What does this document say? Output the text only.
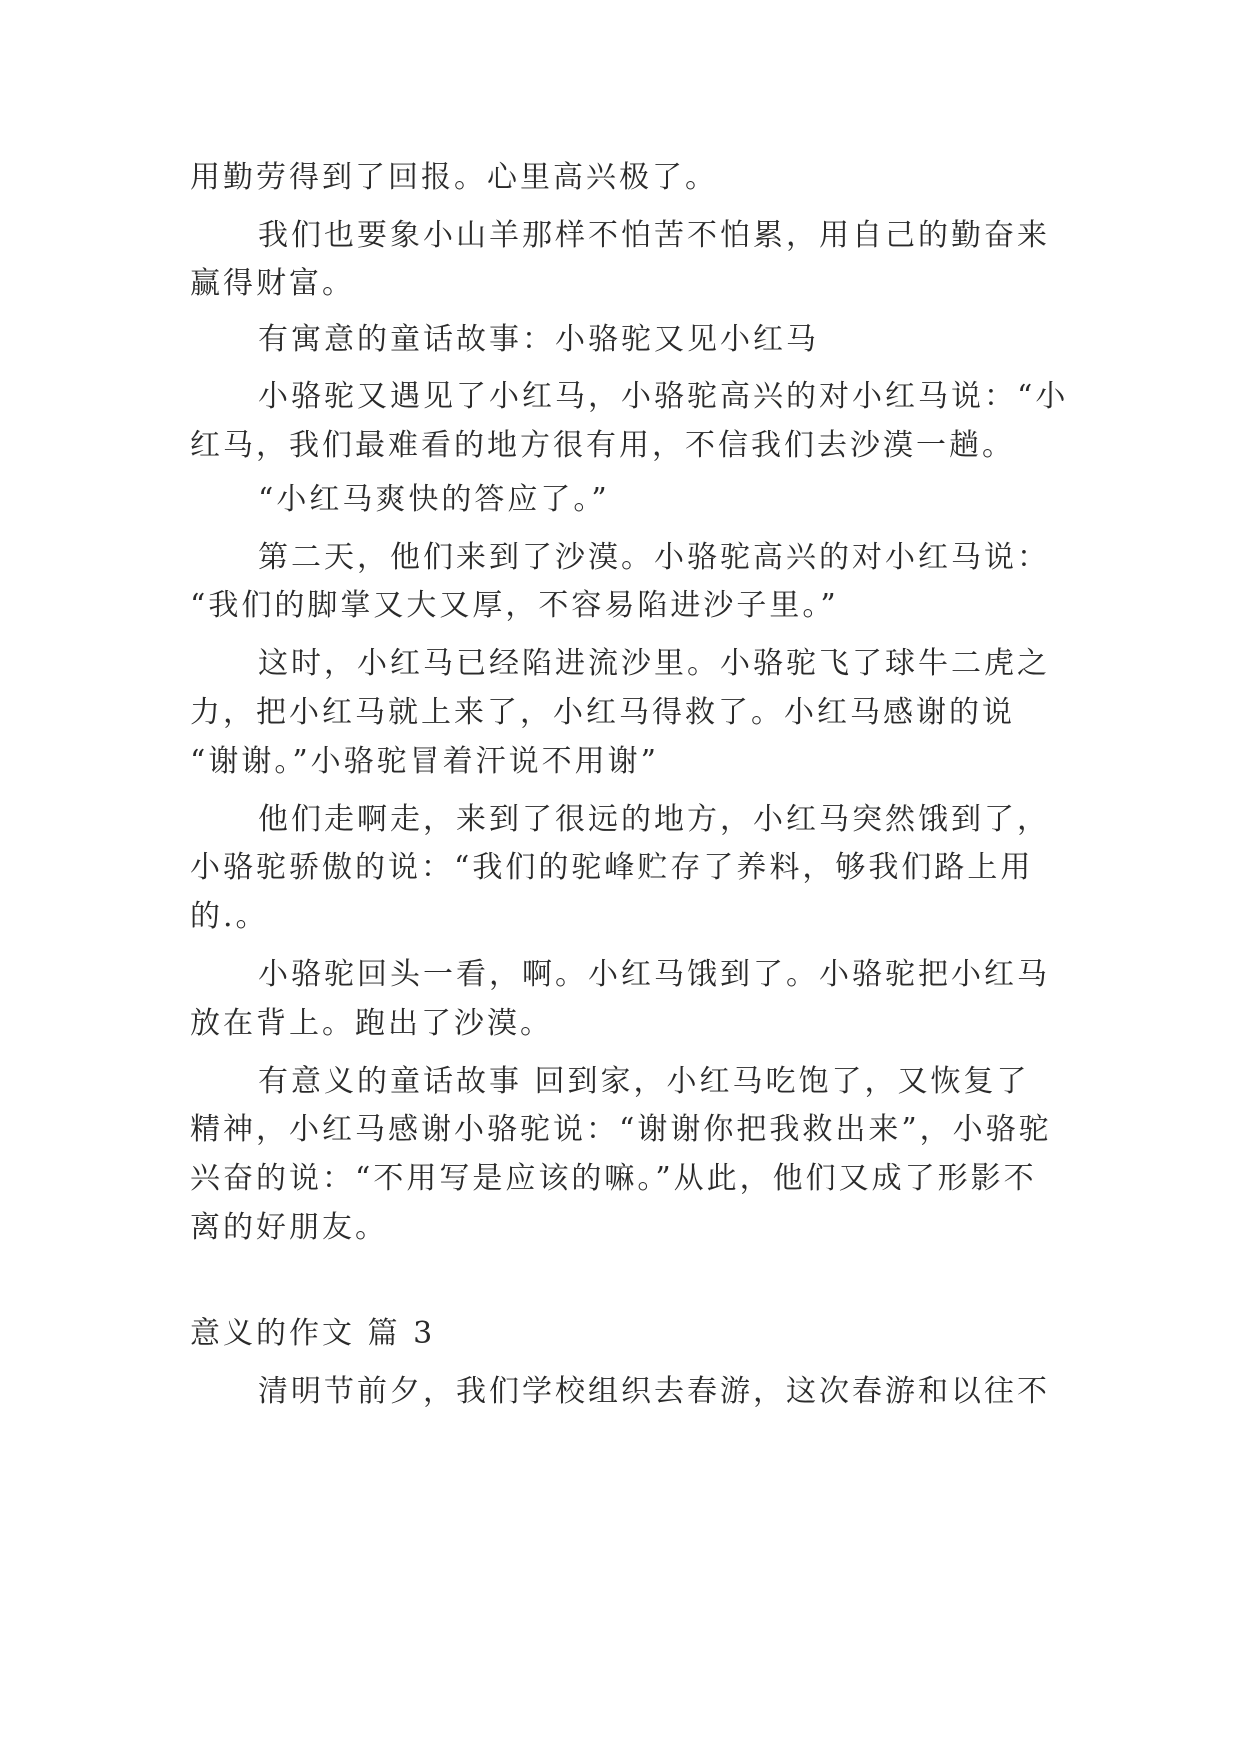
用勤劳得到了回报。心里高兴极了。
我们也要象小山羊那样不怕苦不怕累，用自己的勤奋来
赢得财富。
有寓意的童话故事：小骆驼又见小红马
小骆驼又遇见了小红马，小骆驼高兴的对小红马说：“小
红马，我们最难看的地方很有用，不信我们去沙漠一趟。
“小红马爽快的答应了。”
第二天，他们来到了沙漠。小骆驼高兴的对小红马说：
“我们的脚掌又大又厚，不容易陷进沙子里。”
这时，小红马已经陷进流沙里。小骆驼飞了球牛二虎之
力，把小红马就上来了，小红马得救了。小红马感谢的说
“谢谢。”小骆驼冒着汗说不用谢”
他们走啊走，来到了很远的地方，小红马突然饿到了，
小骆驼骄傲的说：“我们的驼峰贮存了养料，够我们路上用
的.。
小骆驼回头一看，啊。小红马饿到了。小骆驼把小红马
放在背上。跑出了沙漠。
有意义的童话故事 回到家，小红马吃饱了，又恢复了
精神，小红马感谢小骆驼说：“谢谢你把我救出来”，小骆驼
兴奋的说：“不用写是应该的嘛。”从此，他们又成了形影不
离的好朋友。
意义的作文 篇 3
清明节前夕，我们学校组织去春游，这次春游和以往不
